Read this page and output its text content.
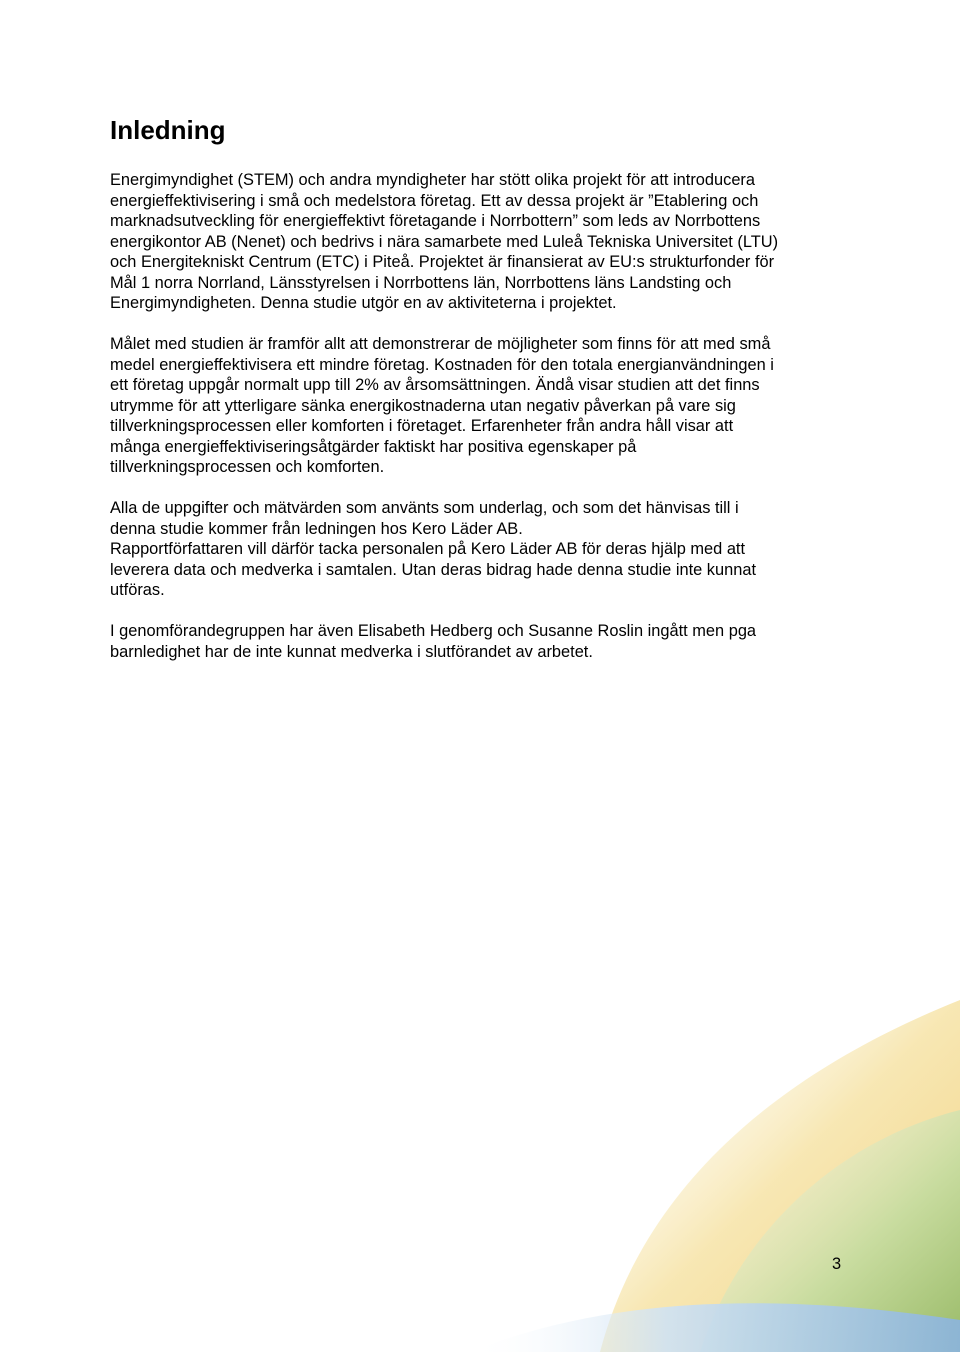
Inledning

Energimyndighet (STEM) och andra myndigheter har stött olika projekt för att introducera
energieffektivisering i små och medelstora företag. Ett av dessa projekt är ”Etablering och
marknadsutveckling för energieffektivt företagande i Norrbottern” som leds av Norrbottens
energikontor AB (Nenet) och bedrivs i nära samarbete med Luleå Tekniska Universitet (LTU)
och Energitekniskt Centrum (ETC) i Piteå. Projektet är finansierat av EU:s strukturfonder för
Mål 1 norra Norrland, Länsstyrelsen i Norrbottens län, Norrbottens läns Landsting och
Energimyndigheten. Denna studie utgör en av aktiviteterna i projektet.

Målet med studien är framför allt att demonstrerar de möjligheter som finns för att med små
medel energieffektivisera ett mindre företag. Kostnaden för den totala energianvändningen i
ett företag uppgår normalt upp till 2% av årsomsättningen. Ändå visar studien att det finns
utrymme för att ytterligare sänka energikostnaderna utan negativ påverkan på vare sig
tillverkningsprocessen eller komforten i företaget. Erfarenheter från andra håll visar att
många energieffektiviseringsåtgärder faktiskt har positiva egenskaper på
tillverkningsprocessen och komforten.

Alla de uppgifter och mätvärden som använts som underlag, och som det hänvisas till i
denna studie kommer från ledningen hos Kero Läder AB.
Rapportförfattaren vill därför tacka personalen på Kero Läder AB för deras hjälp med att
leverera data och medverka i samtalen. Utan deras bidrag hade denna studie inte kunnat
utföras.

I genomförandegruppen har även Elisabeth Hedberg och Susanne Roslin ingått men pga
barnledighet har de inte kunnat medverka i slutförandet av arbetet.

3
